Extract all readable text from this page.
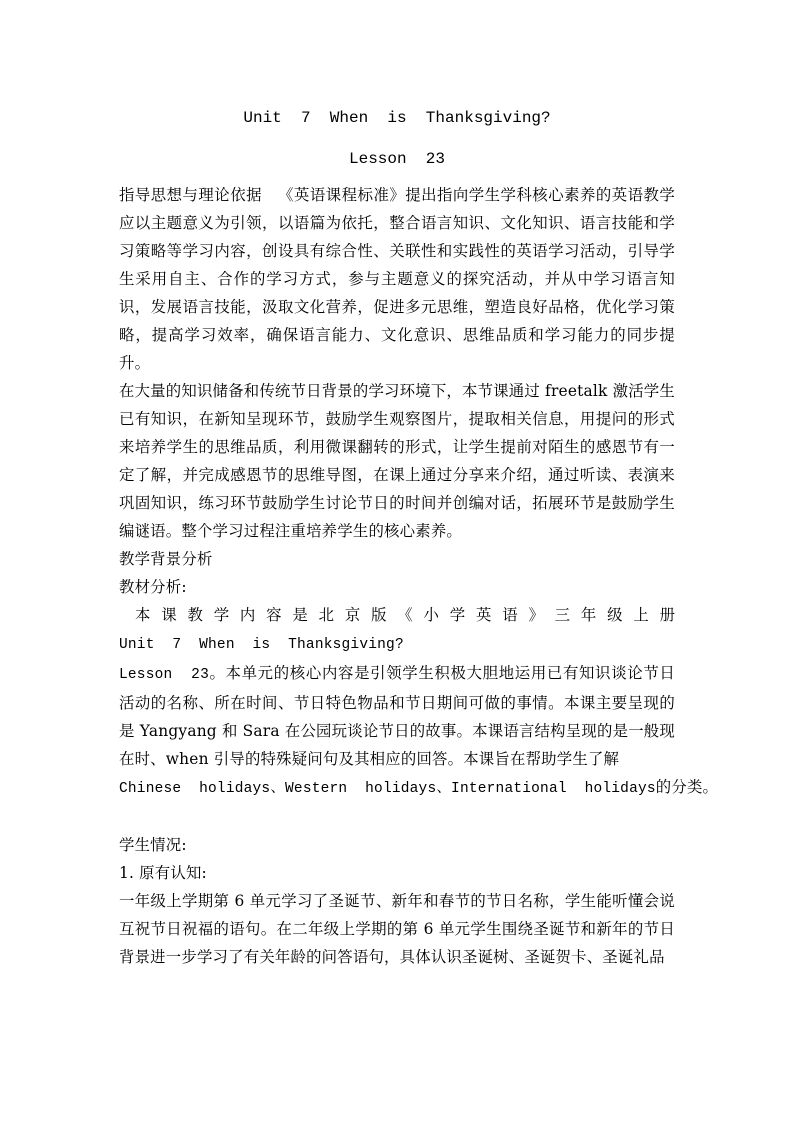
Unit  7  When  is  Thanksgiving?

Lesson  23

指导思想与理论依据 《英语课程标准》提出指向学生学科核心素养的英语教学应以主题意义为引领，以语篇为依托，整合语言知识、文化知识、语言技能和学习策略等学习内容，创设具有综合性、关联性和实践性的英语学习活动，引导学生采用自主、合作的学习方式，参与主题意义的探究活动，并从中学习语言知识，发展语言技能，汲取文化营养，促进多元思维，塑造良好品格，优化学习策略，提高学习效率，确保语言能力、文化意识、思维品质和学习能力的同步提升。

在大量的知识储备和传统节日背景的学习环境下，本节课通过 freetalk 激活学生已有知识，在新知呈现环节，鼓励学生观察图片，提取相关信息，用提问的形式来培养学生的思维品质，利用微课翻转的形式，让学生提前对陌生的感恩节有一定了解，并完成感恩节的思维导图，在课上通过分享来介绍，通过听读、表演来巩固知识，练习环节鼓励学生讨论节日的时间并创编对话，拓展环节是鼓励学生编谜语。整个学习过程注重培养学生的核心素养。

教学背景分析

教材分析:

本课教学内容是北京版《小学英语》三年级上册

Unit  7  When  is  Thanksgiving?

Lesson  23。本单元的核心内容是引领学生积极大胆地运用已有知识谈论节日活动的名称、所在时间、节日特色物品和节日期间可做的事情。本课主要呈现的是 Yangyang 和 Sara 在公园玩谈论节日的故事。本课语言结构呈现的是一般现在时、when 引导的特殊疑问句及其相应的回答。本课旨在帮助学生了解

Chinese  holidays、Western  holidays、International  holidays的分类。

学生情况:

1. 原有认知:

一年级上学期第 6 单元学习了圣诞节、新年和春节的节日名称，学生能听懂会说互祝节日祝福的语句。在二年级上学期的第 6 单元学生围绕圣诞节和新年的节日背景进一步学习了有关年龄的问答语句，具体认识圣诞树、圣诞贺卡、圣诞礼品
